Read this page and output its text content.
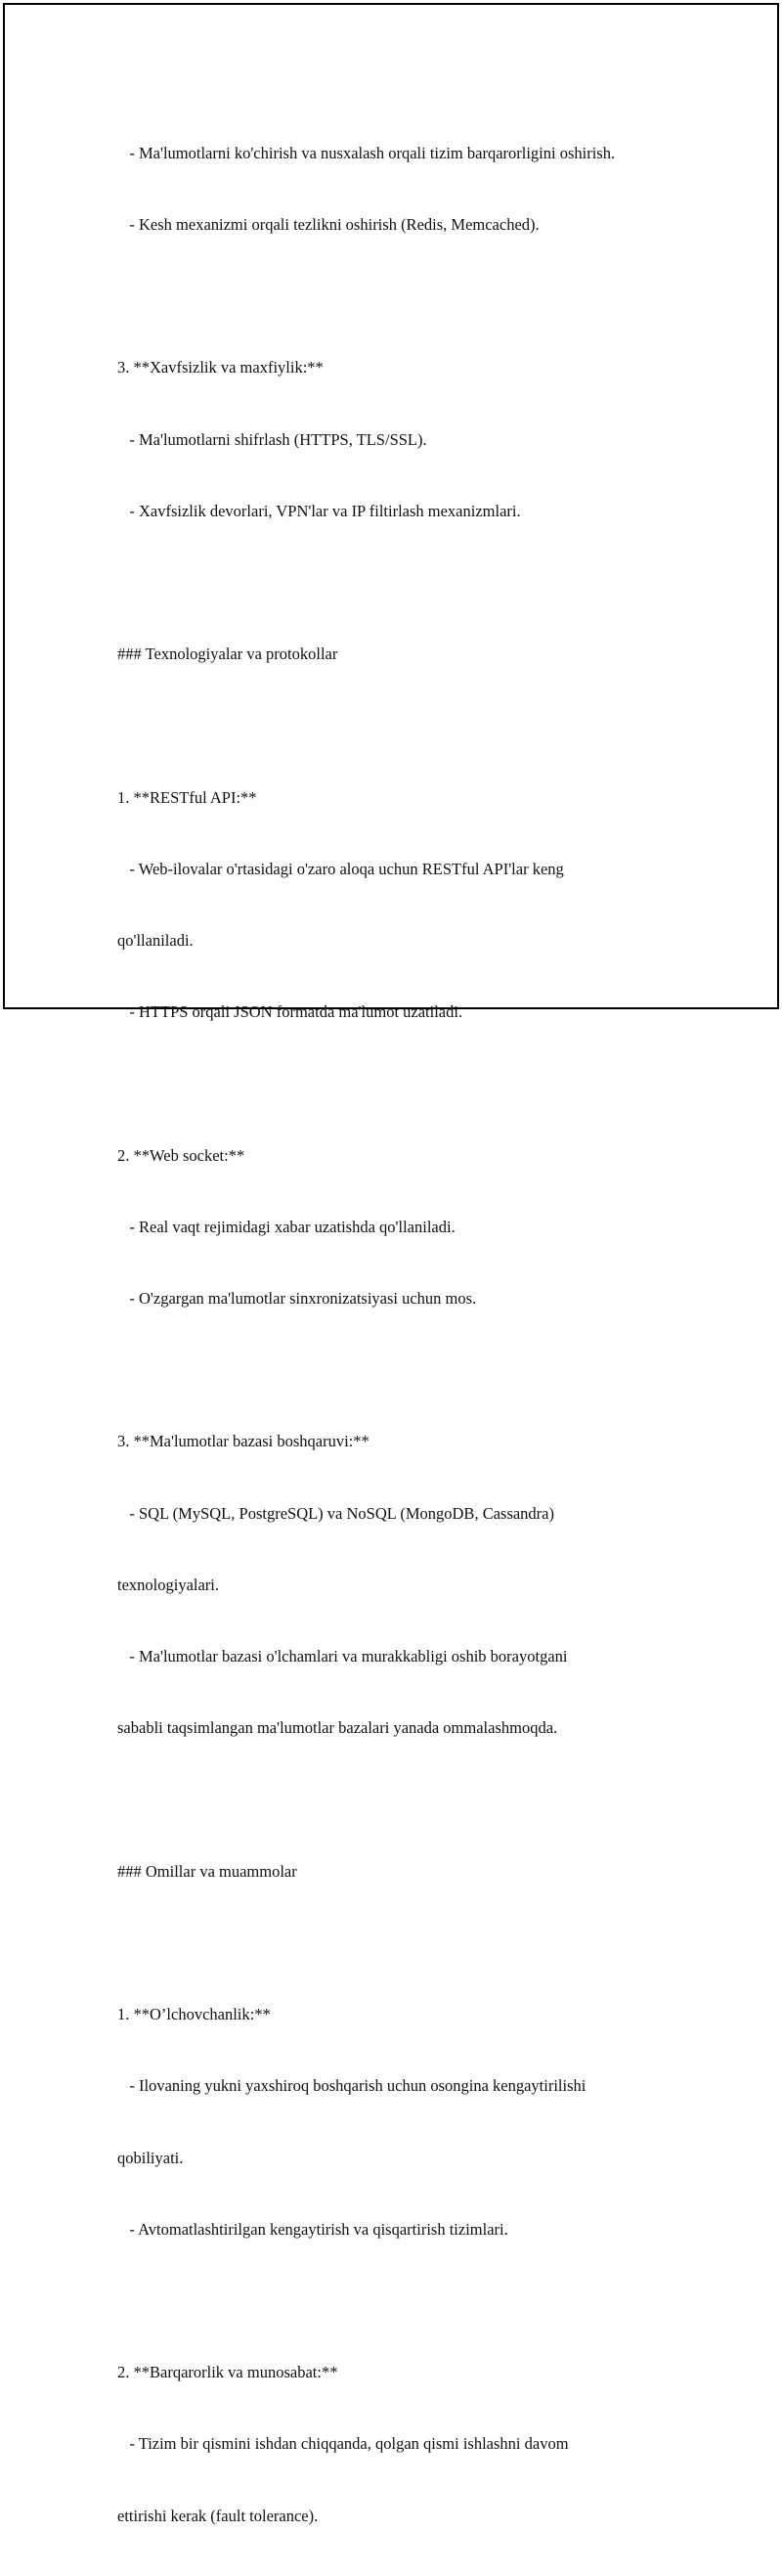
- Ma'lumotlarni ko'chirish va nusxalash orqali tizim barqarorligini oshirish.

- Kesh mexanizmi orqali tezlikni oshirish (Redis, Memcached).

3. **Xavfsizlik va maxfiylik:**

- Ma'lumotlarni shifrlash (HTTPS, TLS/SSL).

- Xavfsizlik devorlari, VPN'lar va IP filtirlash mexanizmlari.

### Texnologiyalar va protokollar

1. **RESTful API:**

- Web-ilovalar o'rtasidagi o'zaro aloqa uchun RESTful API'lar keng

qo'llaniladi.

- HTTPS orqali JSON formatda ma'lumot uzatiladi.

2. **Web socket:**

- Real vaqt rejimidagi xabar uzatishda qo'llaniladi.

- O'zgargan ma'lumotlar sinxronizatsiyasi uchun mos.

3. **Ma'lumotlar bazasi boshqaruvi:**

- SQL (MySQL, PostgreSQL) va NoSQL (MongoDB, Cassandra)

texnologiyalari.

- Ma'lumotlar bazasi o'lchamlari va murakkabligi oshib borayotgani

sababli taqsimlangan ma'lumotlar bazalari yanada ommalashmoqda.

### Omillar va muammolar

1. **O’lchovchanlik:**

- Ilovaning yukni yaxshiroq boshqarish uchun osongina kengaytirilishi

qobiliyati.

- Avtomatlashtirilgan kengaytirish va qisqartirish tizimlari.

2. **Barqarorlik va munosabat:**

- Tizim bir qismini ishdan chiqqanda, qolgan qismi ishlashni davom

ettirishi kerak (fault tolerance).
